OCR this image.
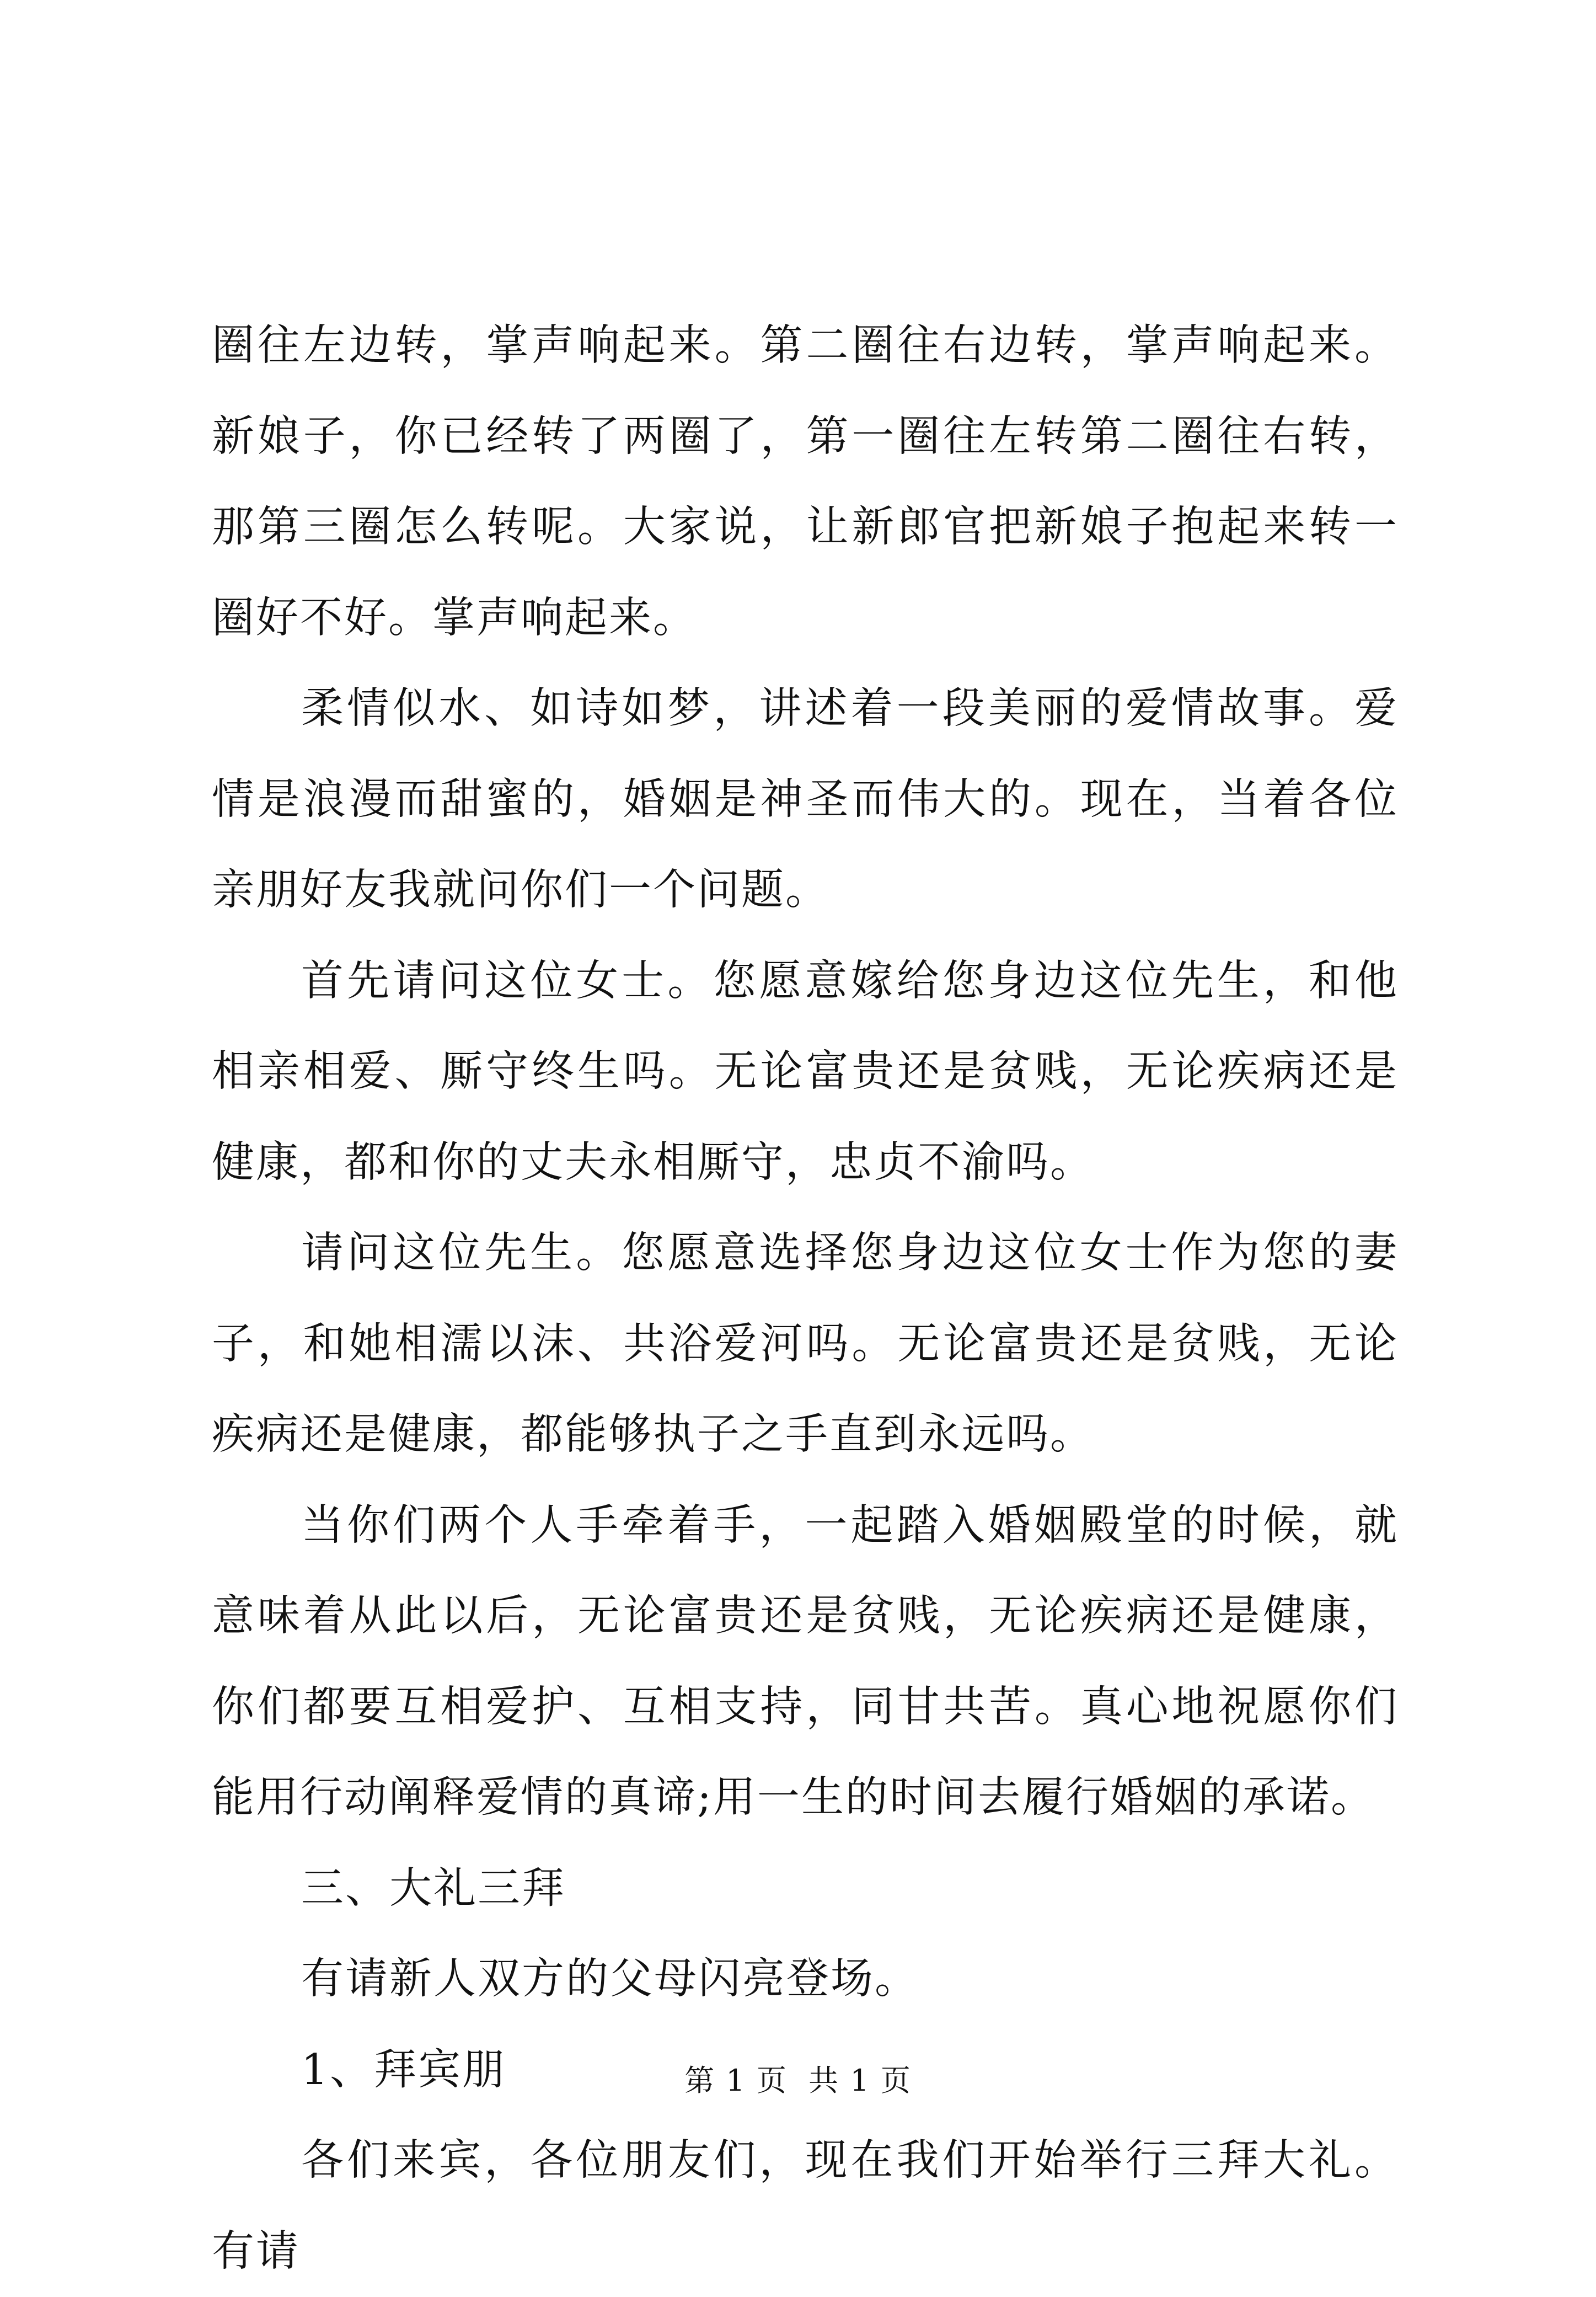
圈往左边转，掌声响起来。第二圈往右边转，掌声响起来。新娘子，你已经转了两圈了，第一圈往左转第二圈往右转，那第三圈怎么转呢。大家说，让新郎官把新娘子抱起来转一圈好不好。掌声响起来。

柔情似水、如诗如梦，讲述着一段美丽的爱情故事。爱情是浪漫而甜蜜的，婚姻是神圣而伟大的。现在，当着各位亲朋好友我就问你们一个问题。

首先请问这位女士。您愿意嫁给您身边这位先生，和他相亲相爱、厮守终生吗。无论富贵还是贫贱，无论疾病还是健康，都和你的丈夫永相厮守，忠贞不渝吗。

请问这位先生。您愿意选择您身边这位女士作为您的妻子，和她相濡以沫、共浴爱河吗。无论富贵还是贫贱，无论疾病还是健康，都能够执子之手直到永远吗。

当你们两个人手牵着手，一起踏入婚姻殿堂的时候，就意味着从此以后，无论富贵还是贫贱，无论疾病还是健康，你们都要互相爱护、互相支持，同甘共苦。真心地祝愿你们能用行动阐释爱情的真谛;用一生的时间去履行婚姻的承诺。

三、大礼三拜

有请新人双方的父母闪亮登场。

1、拜宾朋

各们来宾，各位朋友们，现在我们开始举行三拜大礼。有请

第 1 页  共 1 页
